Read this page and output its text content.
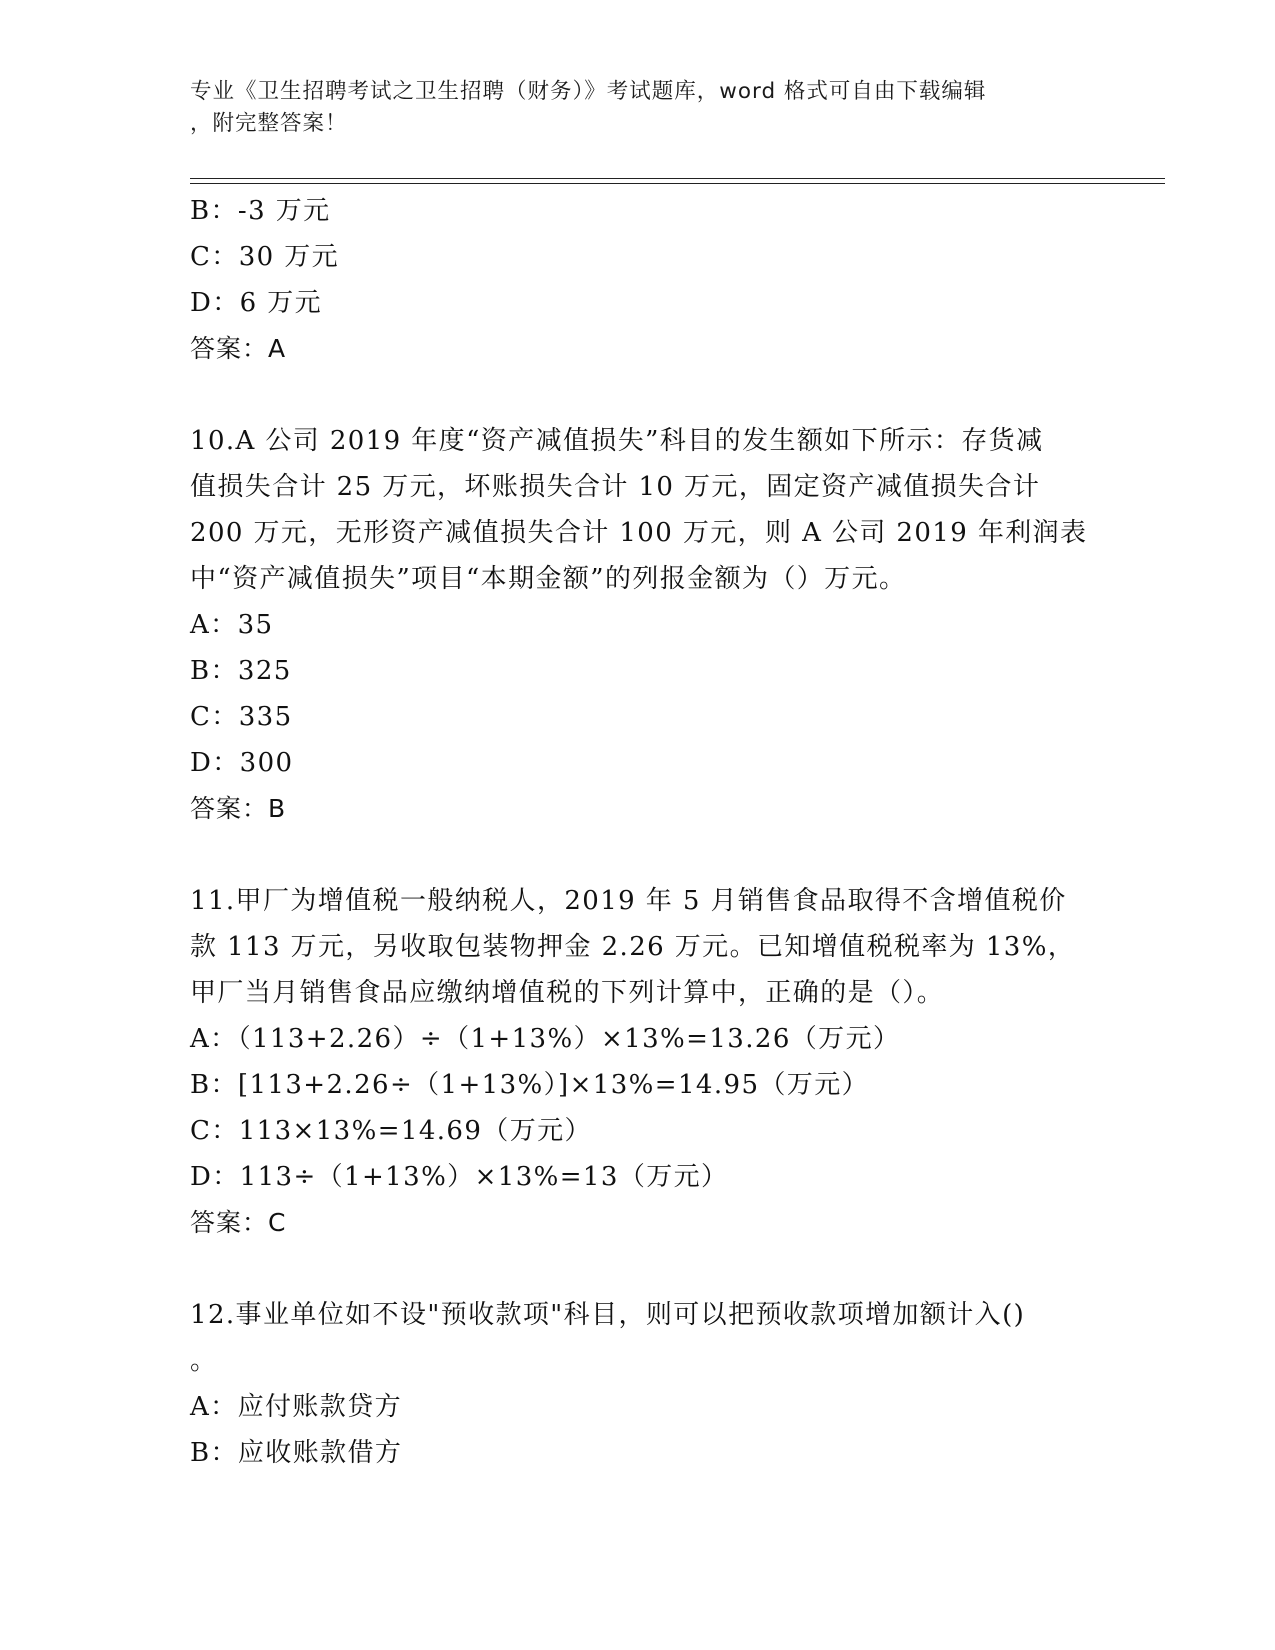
专业《卫生招聘考试之卫生招聘（财务）》考试题库，word 格式可自由下载编辑
，附完整答案！
B：-3 万元
C：30 万元
D：6 万元
答案：A
10.A 公司 2019 年度“资产减值损失”科目的发生额如下所示：存货减
值损失合计 25 万元，坏账损失合计 10 万元，固定资产减值损失合计
200 万元，无形资产减值损失合计 100 万元，则 A 公司 2019 年利润表
中“资产减值损失”项目“本期金额”的列报金额为（）万元。
A：35
B：325
C：335
D：300
答案：B
11.甲厂为增值税一般纳税人，2019 年 5 月销售食品取得不含增值税价
款 113 万元，另收取包装物押金 2.26 万元。已知增值税税率为 13%，
甲厂当月销售食品应缴纳增值税的下列计算中，正确的是（）。
A：（113+2.26）÷（1+13%）×13%=13.26（万元）
B：[113+2.26÷（1+13%）]×13%=14.95（万元）
C：113×13%=14.69（万元）
D：113÷（1+13%）×13%=13（万元）
答案：C
12.事业单位如不设"预收款项"科目，则可以把预收款项增加额计入()
。
A：应付账款贷方
B：应收账款借方
